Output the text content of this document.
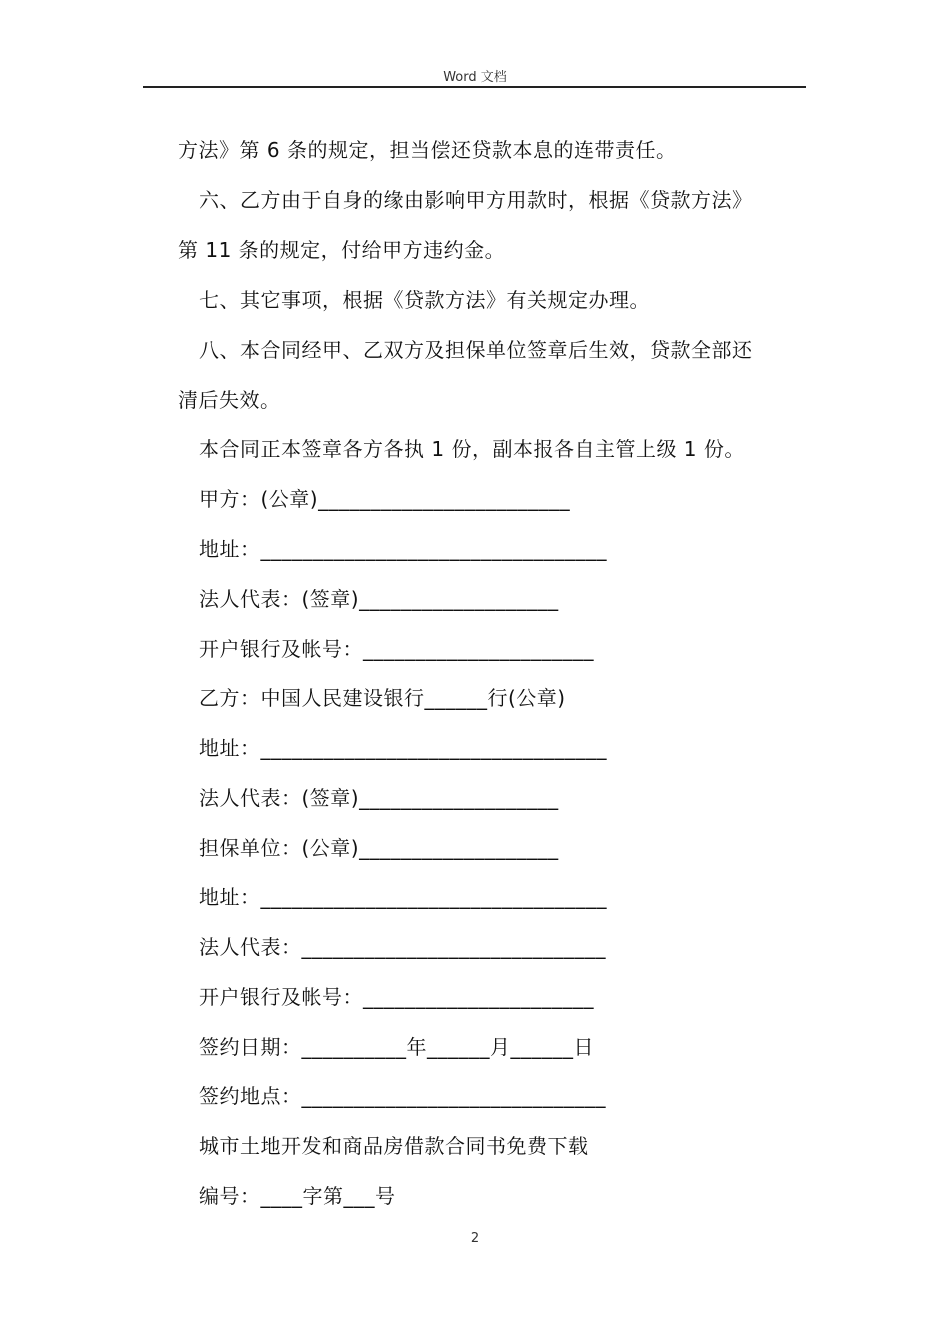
Word 文档
方法》第 6 条的规定，担当偿还贷款本息的连带责任。
六、乙方由于自身的缘由影响甲方用款时，根据《贷款方法》
第 11 条的规定，付给甲方违约金。
七、其它事项，根据《贷款方法》有关规定办理。
八、本合同经甲、乙双方及担保单位签章后生效，贷款全部还
清后失效。
本合同正本签章各方各执 1 份，副本报各自主管上级 1 份。
甲方：(公章)________________________
地址：_________________________________
法人代表：(签章)___________________
开户银行及帐号：______________________
乙方：中国人民建设银行______行(公章)
地址：_________________________________
法人代表：(签章)___________________
担保单位：(公章)___________________
地址：_________________________________
法人代表：_____________________________
开户银行及帐号：______________________
签约日期：__________年______月______日
签约地点：_____________________________
城市土地开发和商品房借款合同书免费下载
编号：____字第___号
2
